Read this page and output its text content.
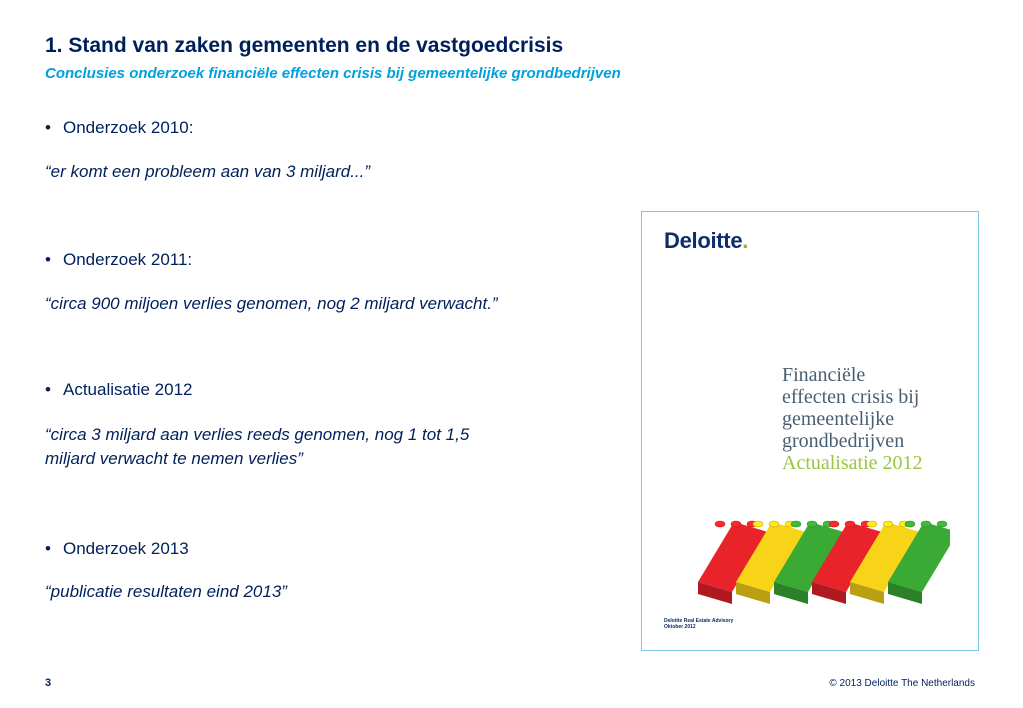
1. Stand van zaken gemeenten en de vastgoedcrisis
Conclusies onderzoek financiële effecten crisis bij gemeentelijke grondbedrijven
• Onderzoek 2010:
“er komt een probleem aan van 3 miljard...”
• Onderzoek 2011:
“circa 900 miljoen verlies genomen, nog 2 miljard verwacht.”
• Actualisatie 2012
“circa 3 miljard aan verlies reeds genomen, nog 1 tot 1,5
miljard verwacht te nemen verlies”
• Onderzoek 2013
“publicatie resultaten eind 2013”
Deloitte.
Financiële
effecten crisis bij
gemeentelijke
grondbedrijven
Actualisatie 2012
Deloitte Real Estate Advisory
Oktober 2012
3	© 2013 Deloitte The Netherlands
